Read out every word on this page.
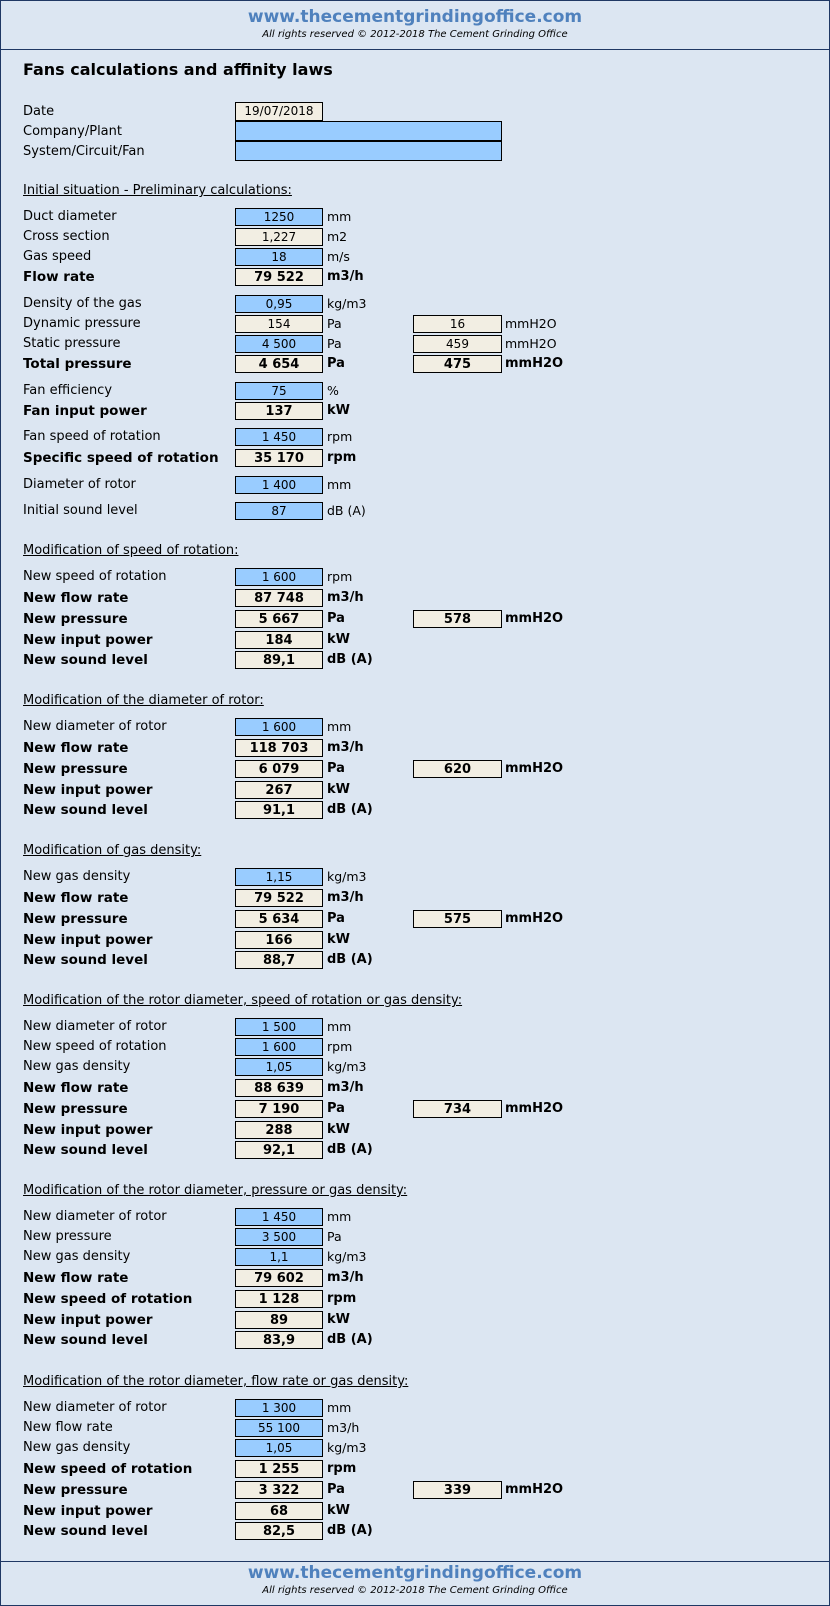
www.thecementgrindingoffice.com
All rights reserved © 2012-2018 The Cement Grinding Office
Fans calculations and affinity laws
Date	19/07/2018
Company/Plant
System/Circuit/Fan
Initial situation - Preliminary calculations:
Duct diameter	1250	mm
Cross section	1,227	m2
Gas speed	18	m/s
Flow rate	79 522	m3/h
Density of the gas	0,95	kg/m3
Dynamic pressure	154	Pa	16	mmH2O
Static pressure	4 500	Pa	459	mmH2O
Total pressure	4 654	Pa	475	mmH2O
Fan efficiency	75	%
Fan input power	137	kW
Fan speed of rotation	1 450	rpm
Specific speed of rotation	35 170	rpm
Diameter of rotor	1 400	mm
Initial sound level	87	dB (A)
Modification of speed of rotation:
New speed of rotation	1 600	rpm
New flow rate	87 748	m3/h
New pressure	5 667	Pa	578	mmH2O
New input power	184	kW
New sound level	89,1	dB (A)
Modification of the diameter of rotor:
New diameter of rotor	1 600	mm
New flow rate	118 703	m3/h
New pressure	6 079	Pa	620	mmH2O
New input power	267	kW
New sound level	91,1	dB (A)
Modification of gas density:
New gas density	1,15	kg/m3
New flow rate	79 522	m3/h
New pressure	5 634	Pa	575	mmH2O
New input power	166	kW
New sound level	88,7	dB (A)
Modification of the rotor diameter, speed of rotation or gas density:
New diameter of rotor	1 500	mm
New speed of rotation	1 600	rpm
New gas density	1,05	kg/m3
New flow rate	88 639	m3/h
New pressure	7 190	Pa	734	mmH2O
New input power	288	kW
New sound level	92,1	dB (A)
Modification of the rotor diameter, pressure or gas density:
New diameter of rotor	1 450	mm
New pressure	3 500	Pa
New gas density	1,1	kg/m3
New flow rate	79 602	m3/h
New speed of rotation	1 128	rpm
New input power	89	kW
New sound level	83,9	dB (A)
Modification of the rotor diameter, flow rate or gas density:
New diameter of rotor	1 300	mm
New flow rate	55 100	m3/h
New gas density	1,05	kg/m3
New speed of rotation	1 255	rpm
New pressure	3 322	Pa	339	mmH2O
New input power	68	kW
New sound level	82,5	dB (A)
www.thecementgrindingoffice.com
All rights reserved © 2012-2018 The Cement Grinding Office
